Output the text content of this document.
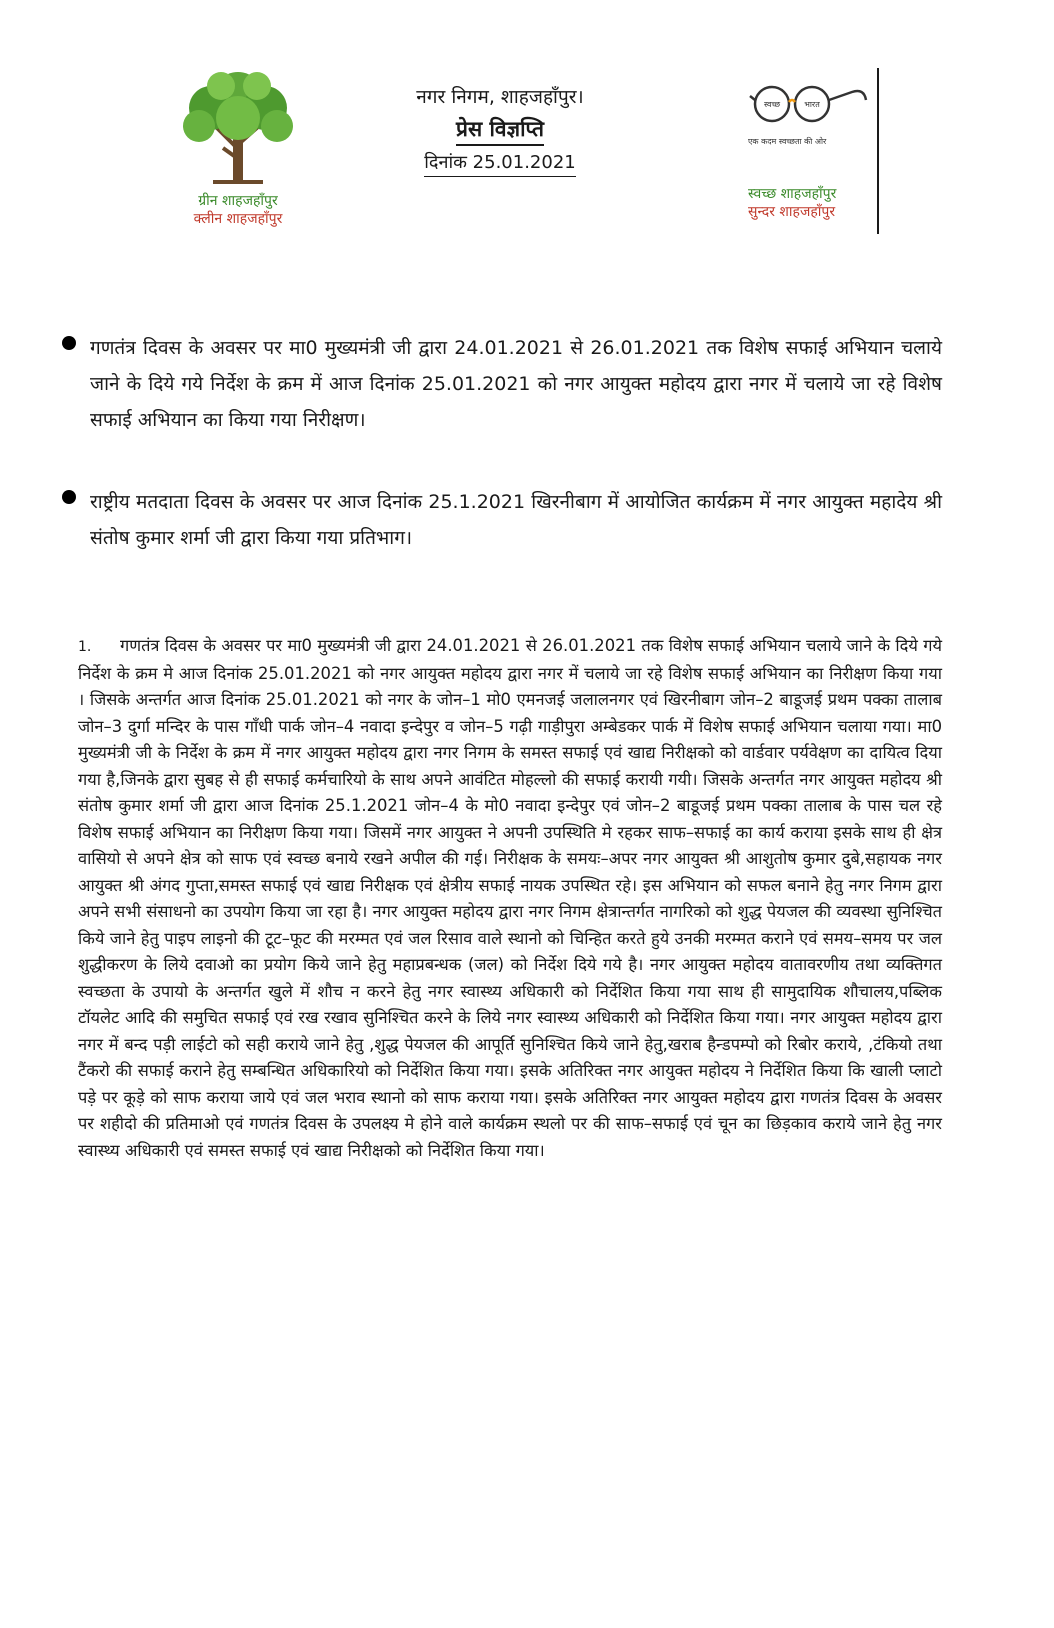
ग्रीन शाहजहाँपुर
क्लीन शाहजहाँपुर
नगर निगम, शाहजहाँपुर।
प्रेस विज्ञप्ति
दिनांक 25.01.2021
स्वच्छ	भारत
एक कदम स्वच्छता की ओर
स्वच्छ शाहजहाँपुर
सुन्दर शाहजहाँपुर
गणतंत्र दिवस के अवसर पर मा0 मुख्यमंत्री जी द्वारा 24.01.2021 से 26.01.2021 तक विशेष सफाई अभियान चलाये जाने के दिये गये निर्देश के क्रम में आज दिनांक 25.01.2021 को नगर आयुक्त महोदय द्वारा नगर में चलाये जा रहे विशेष सफाई अभियान का किया गया निरीक्षण।
राष्ट्रीय मतदाता दिवस के अवसर पर आज दिनांक 25.1.2021 खिरनीबाग में आयोजित कार्यक्रम में नगर आयुक्त महादेय श्री संतोष कुमार शर्मा जी द्वारा किया गया प्रतिभाग।
1. गणतंत्र दिवस के अवसर पर मा0 मुख्यमंत्री जी द्वारा 24.01.2021 से 26.01.2021 तक विशेष सफाई अभियान चलाये जाने के दिये गये निर्देश के क्रम मे आज दिनांक 25.01.2021 को नगर आयुक्त महोदय द्वारा नगर में चलाये जा रहे विशेष सफाई अभियान का निरीक्षण किया गया । जिसके अन्तर्गत आज दिनांक 25.01.2021 को नगर के जोन–1 मो0 एमनजई जलालनगर एवं खिरनीबाग जोन–2 बाडूजई प्रथम पक्का तालाब जोन–3 दुर्गा मन्दिर के पास गाँधी पार्क जोन–4 नवादा इन्देपुर व जोन–5 गढ़ी गाड़ीपुरा अम्बेडकर पार्क में विशेष सफाई अभियान चलाया गया। मा0 मुख्यमंत्री जी के निर्देश के क्रम में नगर आयुक्त महोदय द्वारा नगर निगम के समस्त सफाई एवं खाद्य निरीक्षको को वार्डवार पर्यवेक्षण का दायित्व दिया गया है,जिनके द्वारा सुबह से ही सफाई कर्मचारियो के साथ अपने आवंटित मोहल्लो की सफाई करायी गयी। जिसके अन्तर्गत नगर आयुक्त महोदय श्री संतोष कुमार शर्मा जी द्वारा आज दिनांक 25.1.2021 जोन–4 के मो0 नवादा इन्देपुर एवं जोन–2 बाडूजई प्रथम पक्का तालाब के पास चल रहे विशेष सफाई अभियान का निरीक्षण किया गया। जिसमें नगर आयुक्त ने अपनी उपस्थिति मे रहकर साफ–सफाई का कार्य कराया इसके साथ ही क्षेत्र वासियो से अपने क्षेत्र को साफ एवं स्वच्छ बनाये रखने अपील की गई। निरीक्षक के समयः–अपर नगर आयुक्त श्री आशुतोष कुमार दुबे,सहायक नगर आयुक्त श्री अंगद गुप्ता,समस्त सफाई एवं खाद्य निरीक्षक एवं क्षेत्रीय सफाई नायक उपस्थित रहे। इस अभियान को सफल बनाने हेतु नगर निगम द्वारा अपने सभी संसाधनो का उपयोग किया जा रहा है। नगर आयुक्त महोदय द्वारा नगर निगम क्षेत्रान्तर्गत नागरिको को शुद्ध पेयजल की व्यवस्था सुनिश्चित किये जाने हेतु पाइप लाइनो की टूट–फूट की मरम्मत एवं जल रिसाव वाले स्थानो को चिन्हित करते हुये उनकी मरम्मत कराने एवं समय–समय पर जल शुद्धीकरण के लिये दवाओ का प्रयोग किये जाने हेतु महाप्रबन्धक (जल) को निर्देश दिये गये है। नगर आयुक्त महोदय वातावरणीय तथा व्यक्तिगत स्वच्छता के उपायो के अन्तर्गत खुले में शौच न करने हेतु नगर स्वास्थ्य अधिकारी को निर्देशित किया गया साथ ही सामुदायिक शौचालय,पब्लिक टॉयलेट आदि की समुचित सफाई एवं रख रखाव सुनिश्चित करने के लिये नगर स्वास्थ्य अधिकारी को निर्देशित किया गया। नगर आयुक्त महोदय द्वारा नगर में बन्द पड़ी लाईटो को सही कराये जाने हेतु ,शुद्ध पेयजल की आपूर्ति सुनिश्चित किये जाने हेतु,खराब हैन्डपम्पो को रिबोर कराये, ,टंकियो तथा टैंकरो की सफाई कराने हेतु सम्बन्धित अधिकारियो को निर्देशित किया गया। इसके अतिरिक्त नगर आयुक्त महोदय ने निर्देशित किया कि खाली प्लाटो पड़े पर कूड़े को साफ कराया जाये एवं जल भराव स्थानो को साफ कराया गया। इसके अतिरिक्त नगर आयुक्त महोदय द्वारा गणतंत्र दिवस के अवसर पर शहीदो की प्रतिमाओ एवं गणतंत्र दिवस के उपलक्ष्य मे होने वाले कार्यक्रम स्थलो पर की साफ–सफाई एवं चून का छिड़काव कराये जाने हेतु नगर स्वास्थ्य अधिकारी एवं समस्त सफाई एवं खाद्य निरीक्षको को निर्देशित किया गया।
